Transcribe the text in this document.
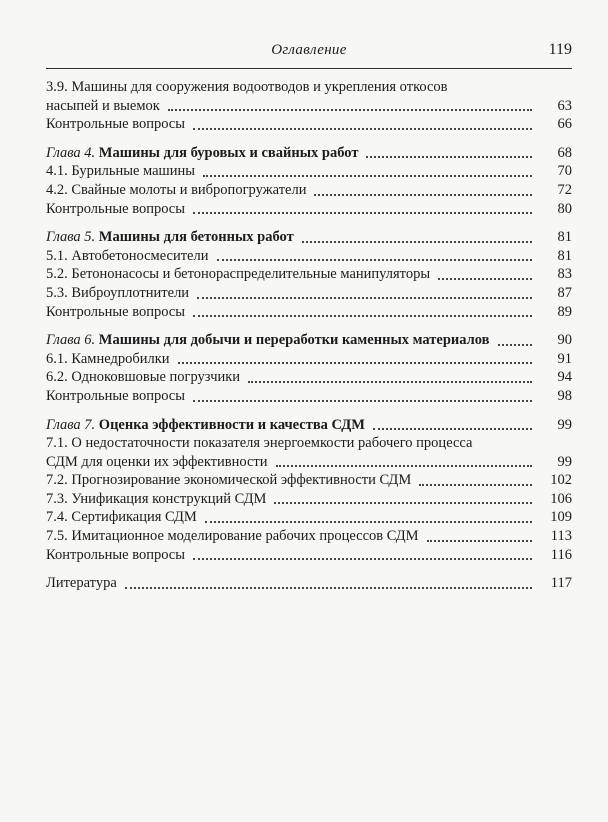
Оглавление	119
3.9. Машины для сооружения водоотводов и укрепления откосов
насыпей и выемок	63
Контрольные вопросы	66
Глава 4. Машины для буровых и свайных работ	68
4.1. Бурильные машины	70
4.2. Свайные молоты и вибропогружатели	72
Контрольные вопросы	80
Глава 5. Машины для бетонных работ	81
5.1. Автобетоносмесители	81
5.2. Бетононасосы и бетонораспределительные манипуляторы	83
5.3. Виброуплотнители	87
Контрольные вопросы	89
Глава 6. Машины для добычи и переработки каменных материалов	90
6.1. Камнедробилки	91
6.2. Одноковшовые погрузчики	94
Контрольные вопросы	98
Глава 7. Оценка эффективности и качества СДМ	99
7.1. О недостаточности показателя энергоемкости рабочего процесса
СДМ для оценки их эффективности	99
7.2. Прогнозирование экономической эффективности СДМ	102
7.3. Унификация конструкций СДМ	106
7.4. Сертификация СДМ	109
7.5. Имитационное моделирование рабочих процессов СДМ	113
Контрольные вопросы	116
Литература	117
